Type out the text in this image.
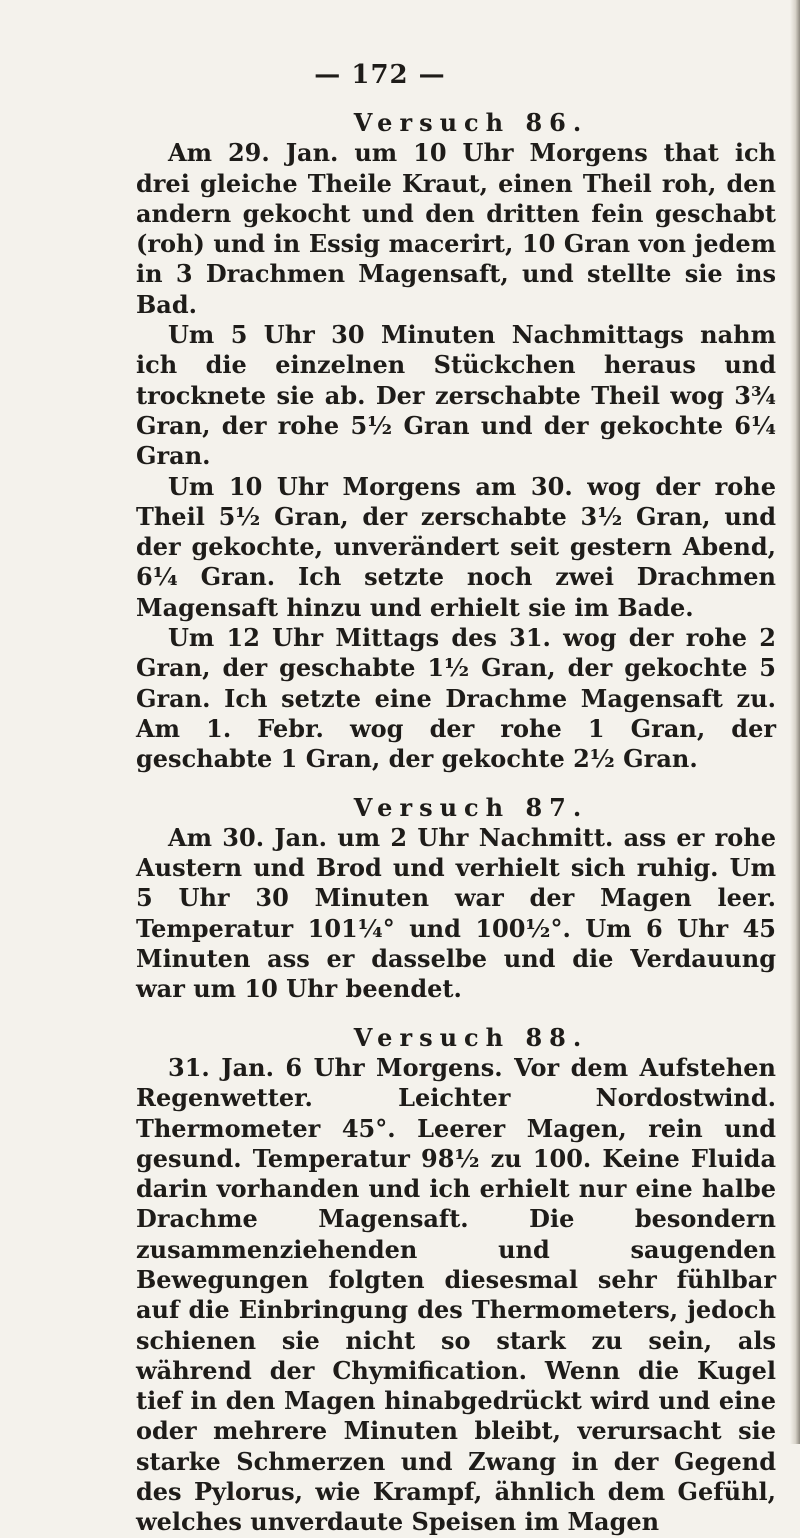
— 172 —
Versuch 86.

Am 29. Jan. um 10 Uhr Morgens that ich drei gleiche Theile Kraut, einen Theil roh, den andern gekocht und den dritten fein geschabt (roh) und in Essig macerirt, 10 Gran von jedem in 3 Drachmen Magensaft, und stellte sie ins Bad.

Um 5 Uhr 30 Minuten Nachmittags nahm ich die einzelnen Stückchen heraus und trocknete sie ab. Der zerschabte Theil wog 3¾ Gran, der rohe 5½ Gran und der gekochte 6¼ Gran.

Um 10 Uhr Morgens am 30. wog der rohe Theil 5½ Gran, der zerschabte 3½ Gran, und der gekochte, unverändert seit gestern Abend, 6¼ Gran. Ich setzte noch zwei Drachmen Magensaft hinzu und erhielt sie im Bade.

Um 12 Uhr Mittags des 31. wog der rohe 2 Gran, der geschabte 1½ Gran, der gekochte 5 Gran. Ich setzte eine Drachme Magensaft zu. Am 1. Febr. wog der rohe 1 Gran, der geschabte 1 Gran, der gekochte 2½ Gran.

Versuch 87.

Am 30. Jan. um 2 Uhr Nachmitt. ass er rohe Austern und Brod und verhielt sich ruhig. Um 5 Uhr 30 Minuten war der Magen leer. Temperatur 101¼° und 100½°. Um 6 Uhr 45 Minuten ass er dasselbe und die Verdauung war um 10 Uhr beendet.

Versuch 88.

31. Jan. 6 Uhr Morgens. Vor dem Aufstehen Regenwetter. Leichter Nordostwind. Thermometer 45°. Leerer Magen, rein und gesund. Temperatur 98½ zu 100. Keine Fluida darin vorhanden und ich erhielt nur eine halbe Drachme Magensaft. Die besondern zusammenziehenden und saugenden Bewegungen folgten diesesmal sehr fühlbar auf die Einbringung des Thermometers, jedoch schienen sie nicht so stark zu sein, als während der Chymification. Wenn die Kugel tief in den Magen hinabgedrückt wird und eine oder mehrere Minuten bleibt, verursacht sie starke Schmerzen und Zwang in der Gegend des Pylorus, wie Krampf, ähnlich dem Gefühl, welches unverdaute Speisen im Magen
